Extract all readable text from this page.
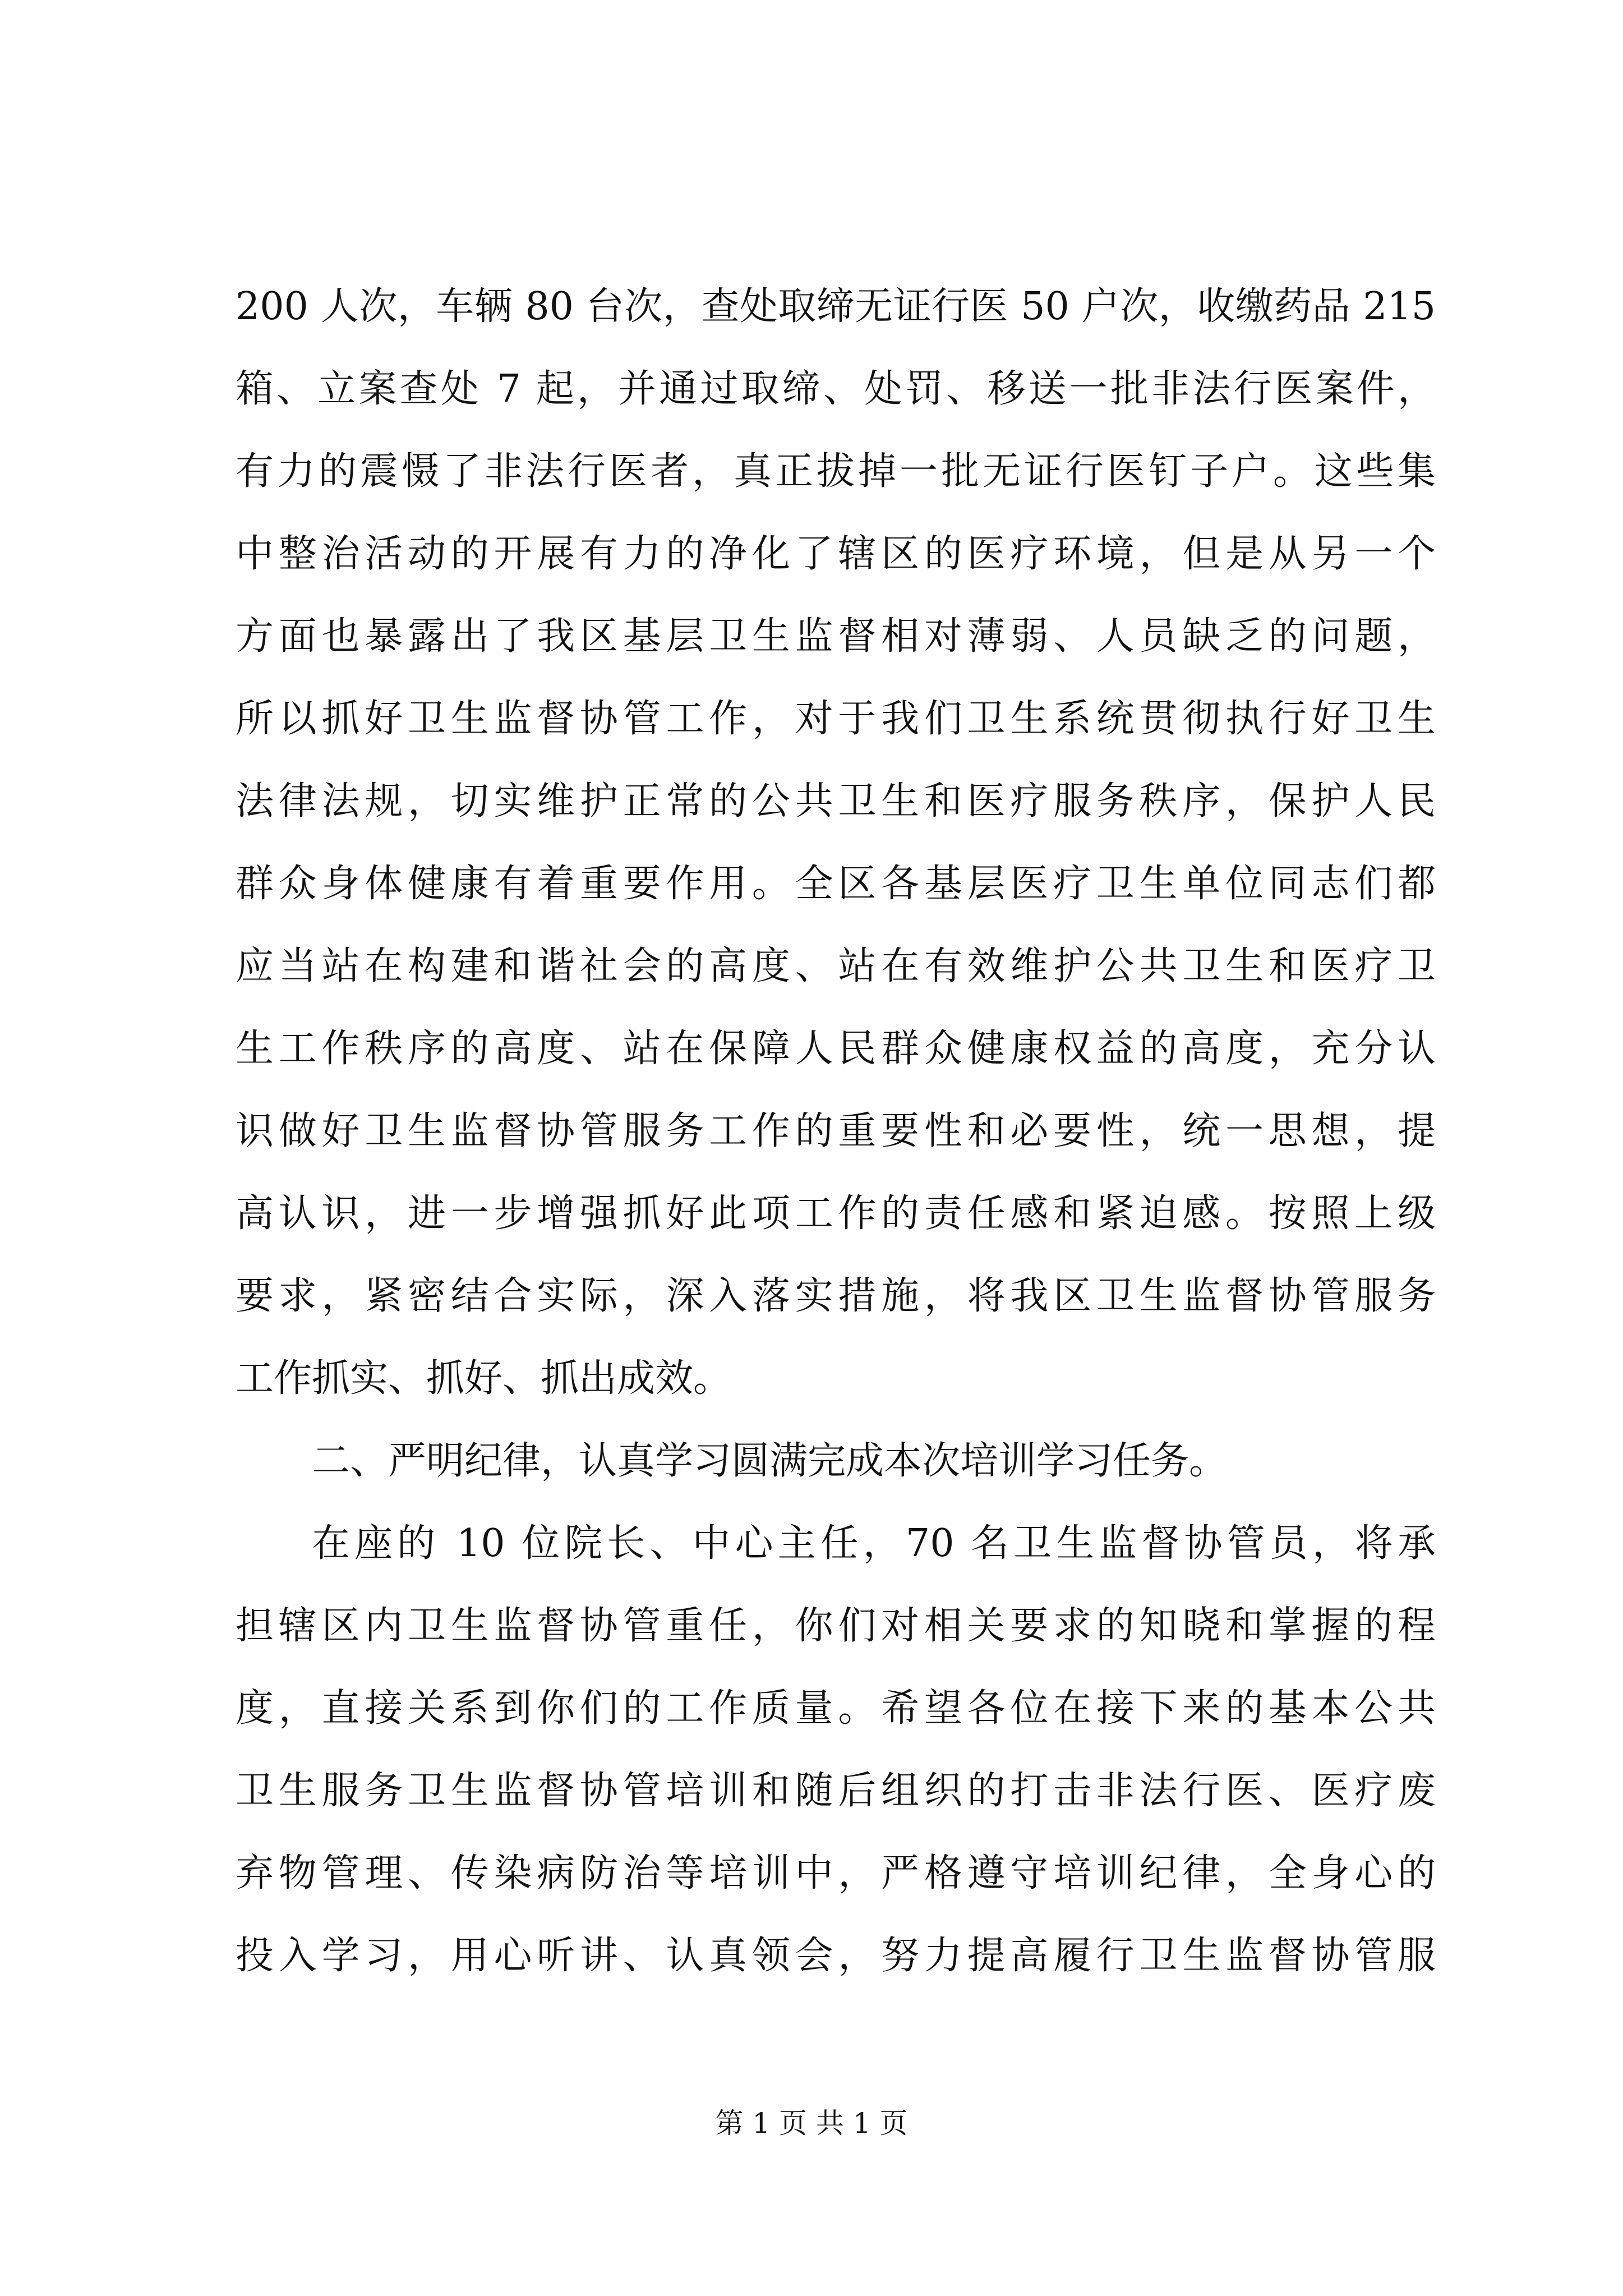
200 人次，车辆 80 台次，查处取缔无证行医 50 户次，收缴药品 215
箱、立案查处 7 起，并通过取缔、处罚、移送一批非法行医案件，
有力的震慑了非法行医者，真正拔掉一批无证行医钉子户。这些集
中整治活动的开展有力的净化了辖区的医疗环境，但是从另一个
方面也暴露出了我区基层卫生监督相对薄弱、人员缺乏的问题，
所以抓好卫生监督协管工作，对于我们卫生系统贯彻执行好卫生
法律法规，切实维护正常的公共卫生和医疗服务秩序，保护人民
群众身体健康有着重要作用。全区各基层医疗卫生单位同志们都
应当站在构建和谐社会的高度、站在有效维护公共卫生和医疗卫
生工作秩序的高度、站在保障人民群众健康权益的高度，充分认
识做好卫生监督协管服务工作的重要性和必要性，统一思想，提
高认识，进一步增强抓好此项工作的责任感和紧迫感。按照上级
要求，紧密结合实际，深入落实措施，将我区卫生监督协管服务
工作抓实、抓好、抓出成效。
二、严明纪律，认真学习圆满完成本次培训学习任务。
在座的 10 位院长、中心主任，70 名卫生监督协管员，将承
担辖区内卫生监督协管重任，你们对相关要求的知晓和掌握的程
度，直接关系到你们的工作质量。希望各位在接下来的基本公共
卫生服务卫生监督协管培训和随后组织的打击非法行医、医疗废
弃物管理、传染病防治等培训中，严格遵守培训纪律，全身心的
投入学习，用心听讲、认真领会，努力提高履行卫生监督协管服
第 1 页 共 1 页
